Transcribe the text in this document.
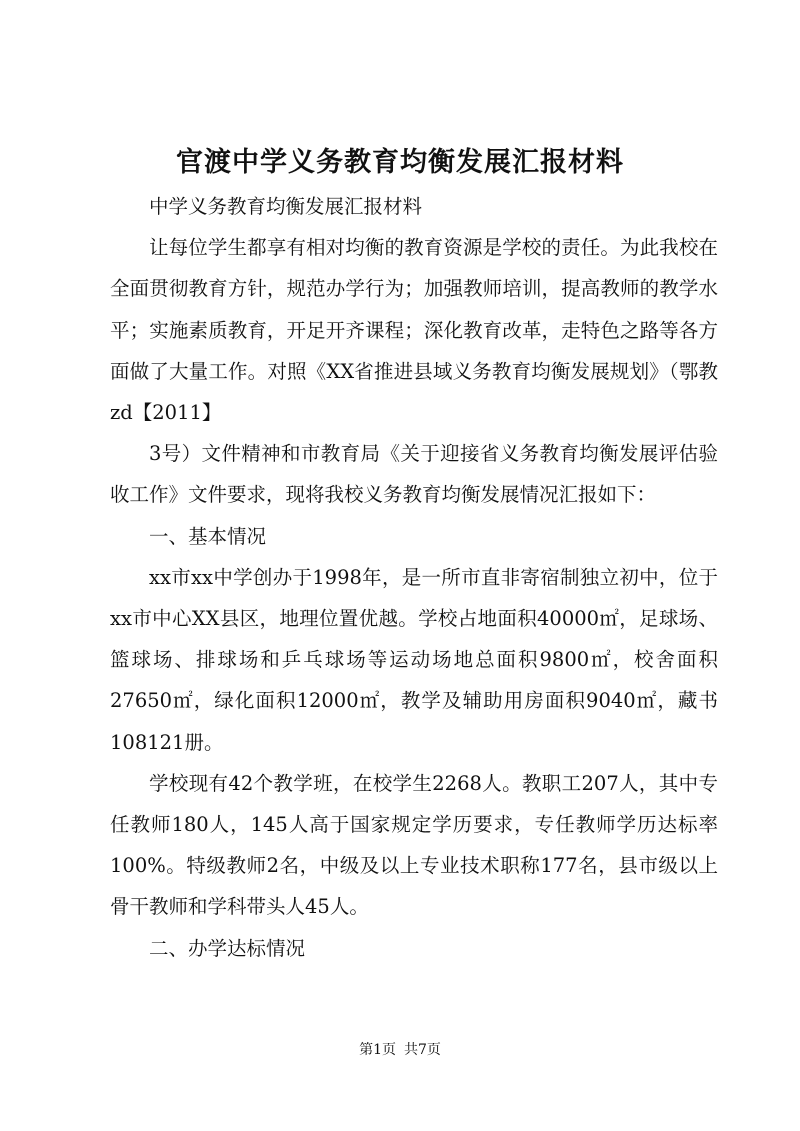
官渡中学义务教育均衡发展汇报材料

中学义务教育均衡发展汇报材料

让每位学生都享有相对均衡的教育资源是学校的责任。为此我校在全面贯彻教育方针，规范办学行为；加强教师培训，提高教师的教学水平；实施素质教育，开足开齐课程；深化教育改革，走特色之路等各方面做了大量工作。对照《XX省推进县域义务教育均衡发展规划》（鄂教zd【2011】

3号）文件精神和市教育局《关于迎接省义务教育均衡发展评估验收工作》文件要求，现将我校义务教育均衡发展情况汇报如下：

一、基本情况

xx市xx中学创办于1998年，是一所市直非寄宿制独立初中，位于xx市中心XX县区，地理位置优越。学校占地面积40000㎡，足球场、篮球场、排球场和乒乓球场等运动场地总面积9800㎡，校舍面积27650㎡，绿化面积12000㎡，教学及辅助用房面积9040㎡，藏书108121册。

学校现有42个教学班，在校学生2268人。教职工207人，其中专任教师180人，145人高于国家规定学历要求，专任教师学历达标率100%。特级教师2名，中级及以上专业技术职称177名，县市级以上骨干教师和学科带头人45人。

二、办学达标情况

第1页 共7页
